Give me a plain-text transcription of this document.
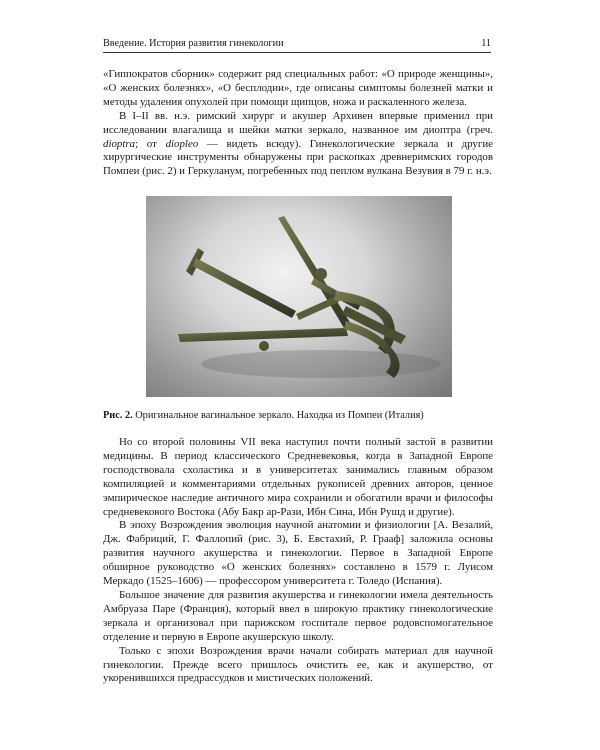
Введение. История развития гинекологии	11

«Гиппократов сборник» содержит ряд специальных работ: «О природе женщины», «О женских болезнях», «О бесплодии», где описаны симптомы болезней матки и методы удаления опухолей при помощи щипцов, ножа и раскаленного железа.

В I–II вв. н.э. римский хирург и акушер Архивен впервые применил при исследовании влагалища и шейки матки зеркало, названное им диоптра (греч. dioptra; от diopleo — видеть всюду). Гинекологические зеркала и другие хирургические инструменты обнаружены при раскопках древнеримских городов Помпеи (рис. 2) и Геркуланум, погребенных под пеплом вулкана Везувия в 79 г. н.э.

Рис. 2. Оригинальное вагинальное зеркало. Находка из Помпеи (Италия)

Но со второй половины VII века наступил почти полный застой в развитии медицины. В период классического Средневековья, когда в Западной Европе господствовала схоластика и в университетах занимались главным образом компиляцией и комментариями отдельных рукописей древних авторов, ценное эмпирическое наследие античного мира сохранили и обогатили врачи и философы средневекового Востока (Абу Бакр ар-Рази, Ибн Сина, Ибн Рушд и другие).

В эпоху Возрождения эволюция научной анатомии и физиологии [А. Везалий, Дж. Фабриций, Г. Фаллопий (рис. 3), Б. Евстахий, Р. Грааф] заложила основы развития научного акушерства и гинекологии. Первое в Западной Европе обширное руководство «О женских болезнях» составлено в 1579 г. Луисом Меркадо (1525–1606) — профессором университета г. Толедо (Испания).

Большое значение для развития акушерства и гинекологии имела деятельность Амбруаза Паре (Франция), который ввел в широкую практику гинекологические зеркала и организовал при парижском госпитале первое родовспомогательное отделение и первую в Европе акушерскую школу.

Только с эпохи Возрождения врачи начали собирать материал для научной гинекологии. Прежде всего пришлось очистить ее, как и акушерство, от укоренившихся предрассудков и мистических положений.
